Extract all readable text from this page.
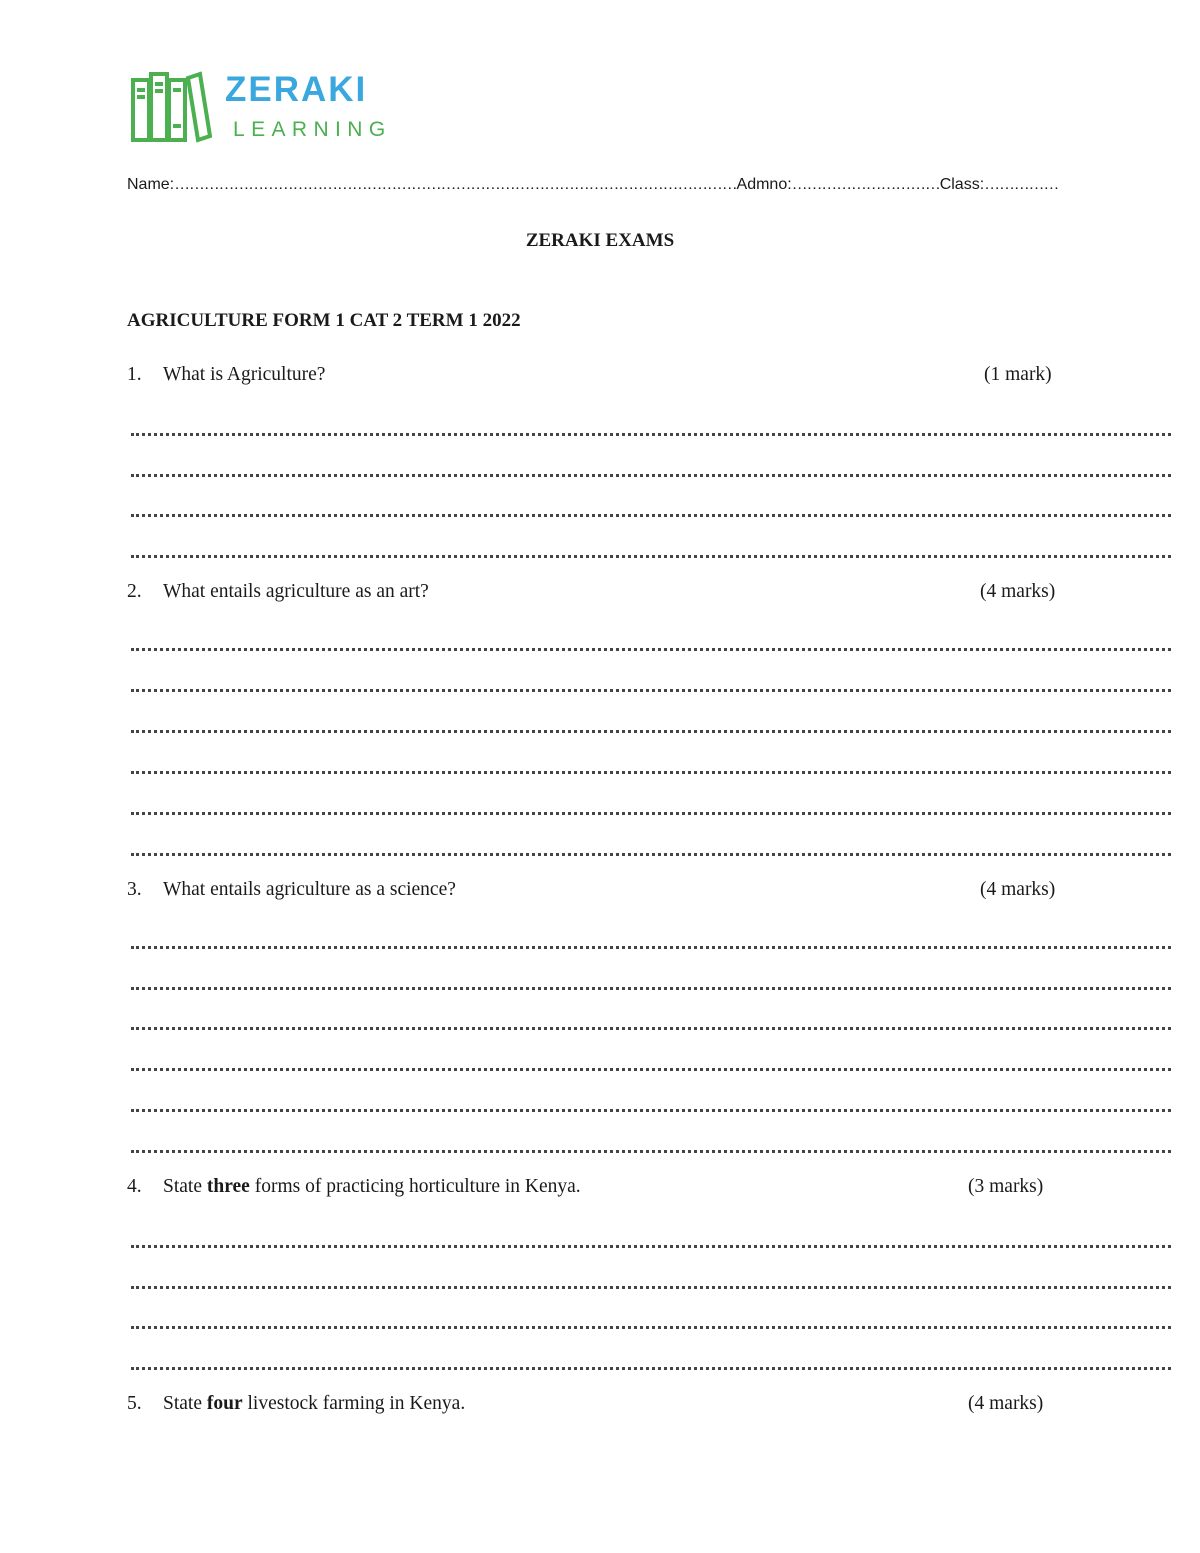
ZERAKI
LEARNING
Name:……………………………………………………………………………………………………Admno:…………………………Class:……………
ZERAKI EXAMS
AGRICULTURE FORM 1 CAT 2 TERM 1 2022
1. What is Agriculture?	(1 mark)
2. What entails agriculture as an art?	(4 marks)
3. What entails agriculture as a science?	(4 marks)
4. State three forms of practicing horticulture in Kenya.	(3 marks)
5. State four livestock farming in Kenya.	(4 marks)
